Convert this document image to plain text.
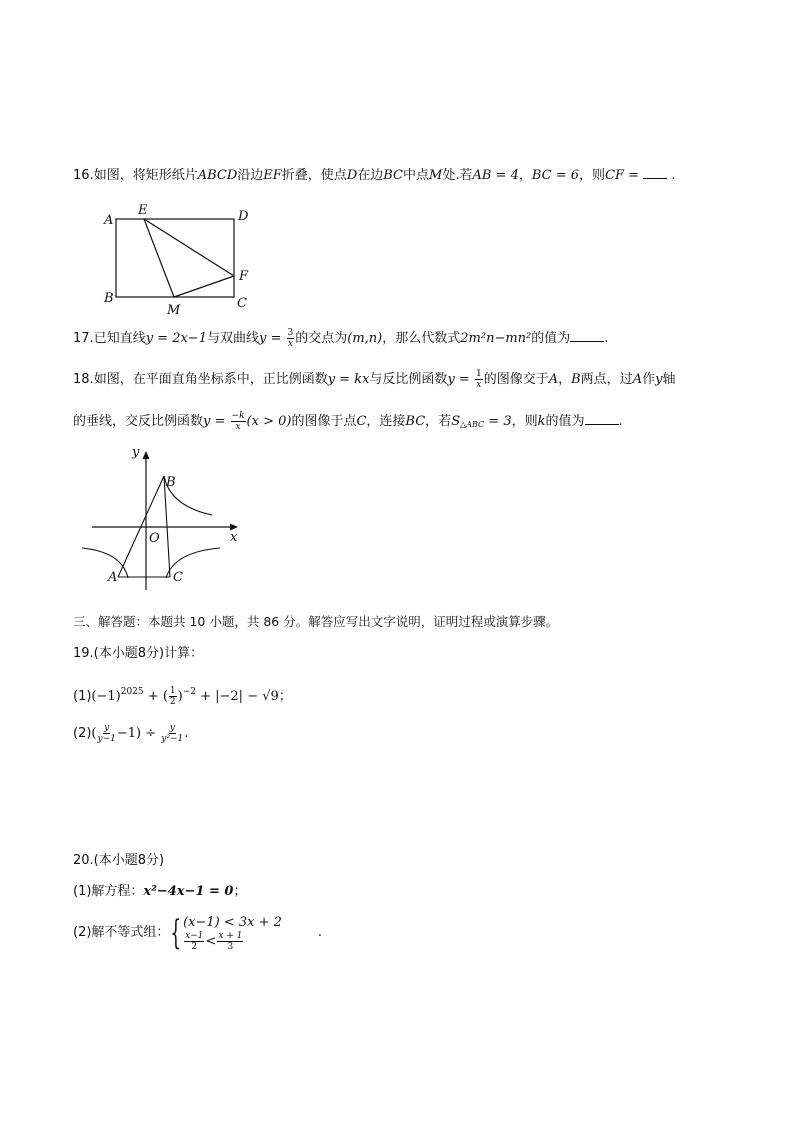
16.如图，将矩形纸片ABCD沿边EF折叠，使点D在边BC中点M处.若AB = 4，BC = 6，则CF =  .
A
E	D
B
M
F
C
17.已知直线y = 2x−1与双曲线$y = \frac{3}{x}$ 的交点为(m,n)，那么代数式2m²n−mn²的值为	.
18.如图，在平面直角坐标系中，正比例函数y = kx与反比例函数$y = \frac{1}{x}$ 的图像交于A，B两点，过A作y轴
的垂线，交反比例函数$y = \frac{-k}{x} (x > 0)$的图像于点C，连接BC，若$S_{\triangle ABC} = 3$，则k的值为	.
y
x
O
B
A	C
三、解答题：本题共 10 小题，共 86 分。解答应写出文字说明，证明过程或演算步骤。
19.(本小题8分)计算：
$(1)(-1)^{2025}$ + ( $\frac{1}{2} )^{-2} + |-2| - √9$；
$(2)( \frac{y}{y-1} -1) \div \frac{y}{\text{y²−1}}$ .
20.(本小题8分)
(1)解方程：x²−4x−1 = 0；
(2)解不等式组：{ (x−1) < 3x + 2
$\frac{x-1}{2} < \frac{x + 1}{3}$	.
